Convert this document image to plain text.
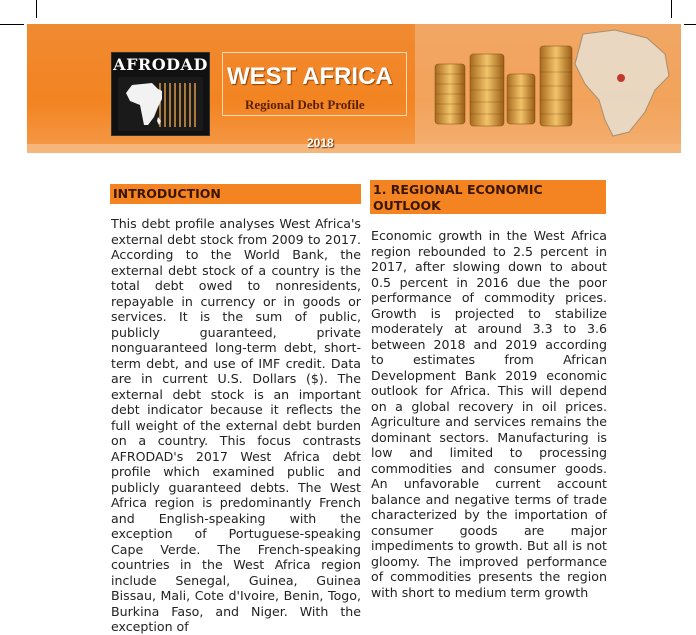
AFRODAD WEST AFRICA
Regional Debt Profile
2018
INTRODUCTION

This debt profile analyses West Africa's external debt stock from 2009 to 2017. According to the World Bank, the external debt stock of a country is the total debt owed to nonresidents, repayable in currency or in goods or services. It is the sum of public, publicly guaranteed, private nonguaranteed long-term debt, short-term debt, and use of IMF credit. Data are in current U.S. Dollars ($). The external debt stock is an important debt indicator because it reflects the full weight of the external debt burden on a country. This focus contrasts AFRODAD's 2017 West Africa debt profile which examined public and publicly guaranteed debts. The West Africa region is predominantly French and English-speaking with the exception of Portuguese-speaking Cape Verde. The French-speaking countries in the West Africa region include Senegal, Guinea, Guinea Bissau, Mali, Cote d'Ivoire, Benin, Togo, Burkina Faso, and Niger. With the exception of

1. REGIONAL ECONOMIC OUTLOOK

Economic growth in the West Africa region rebounded to 2.5 percent in 2017, after slowing down to about 0.5 percent in 2016 due the poor performance of commodity prices. Growth is projected to stabilize moderately at around 3.3 to 3.6 between 2018 and 2019 according to estimates from African Development Bank 2019 economic outlook for Africa. This will depend on a global recovery in oil prices. Agriculture and services remains the dominant sectors. Manufacturing is low and limited to processing commodities and consumer goods. An unfavorable current account balance and negative terms of trade characterized by the importation of consumer goods are major impediments to growth. But all is not gloomy. The improved performance of commodities presents the region with short to medium term growth
